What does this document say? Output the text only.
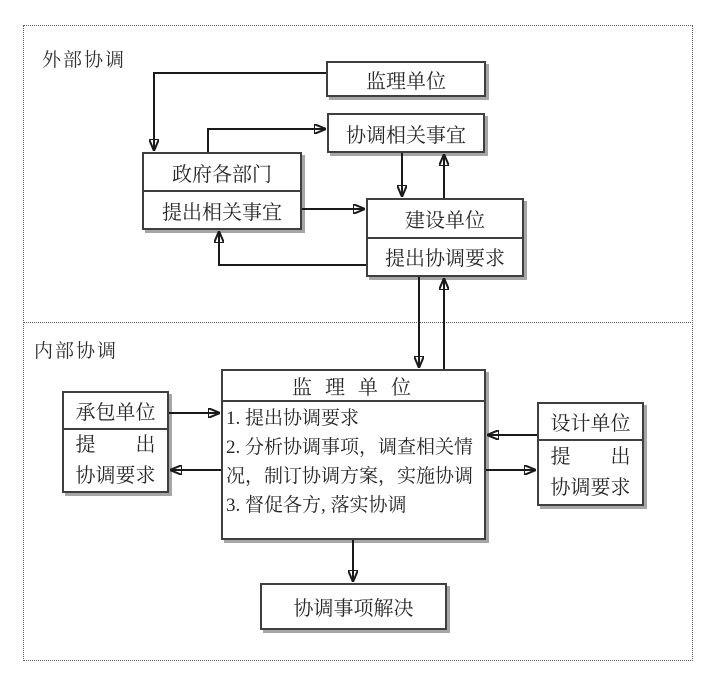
外部协调
内部协调
监理单位
协调相关事宜
政府各部门
提出相关事宜	建设单位
提出协调要求
监 理 单 位
1. 提出协调要求
2. 分析协调事项，调查相关情
况，制订协调方案，实施协调
3. 督促各方, 落实协调
承包单位
提　　出
协调要求
设计单位
提　　出
协调要求
协调事项解决
